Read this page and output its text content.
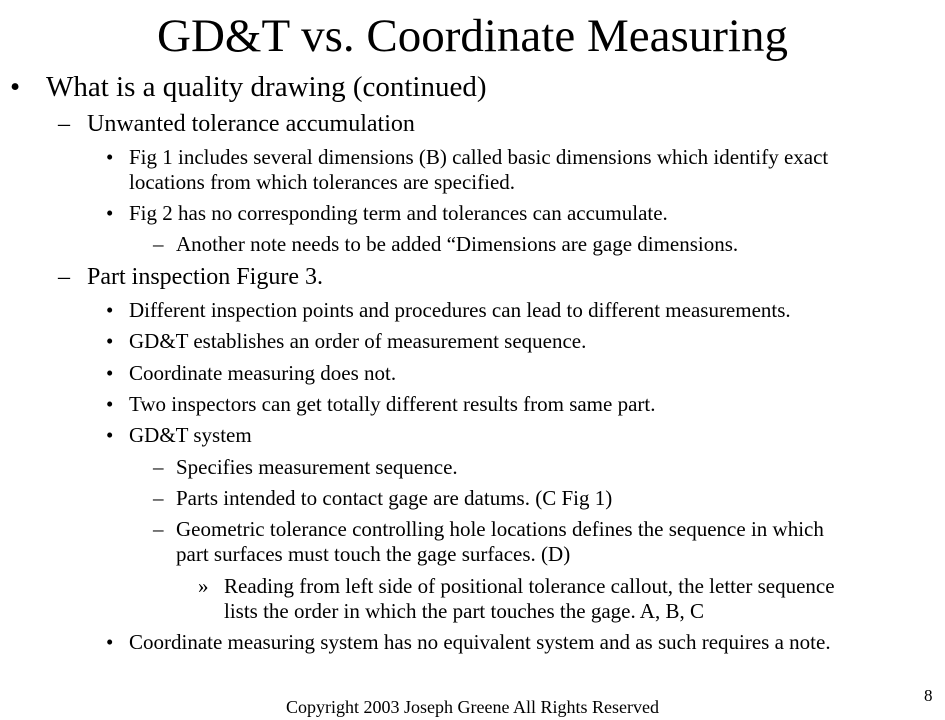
GD&T vs. Coordinate Measuring
• What is a quality drawing (continued)
– Unwanted tolerance accumulation
• Fig 1 includes several dimensions (B) called basic dimensions which identify exact
locations from which tolerances are specified.
• Fig 2 has no corresponding term and tolerances can accumulate.
– Another note needs to be added “Dimensions are gage dimensions.
– Part inspection Figure 3.
• Different inspection points and procedures can lead to different measurements.
• GD&T establishes an order of measurement sequence.
• Coordinate measuring does not.
• Two inspectors can get totally different results from same part.
• GD&T system
– Specifies measurement sequence.
– Parts intended to contact gage are datums. (C Fig 1)
– Geometric tolerance controlling hole locations defines the sequence in which
part surfaces must touch the gage surfaces. (D)
» Reading from left side of positional tolerance callout, the letter sequence
lists the order in which the part touches the gage. A, B, C
• Coordinate measuring system has no equivalent system and as such requires a note.
Copyright 2003 Joseph Greene All Rights Reserved
8
